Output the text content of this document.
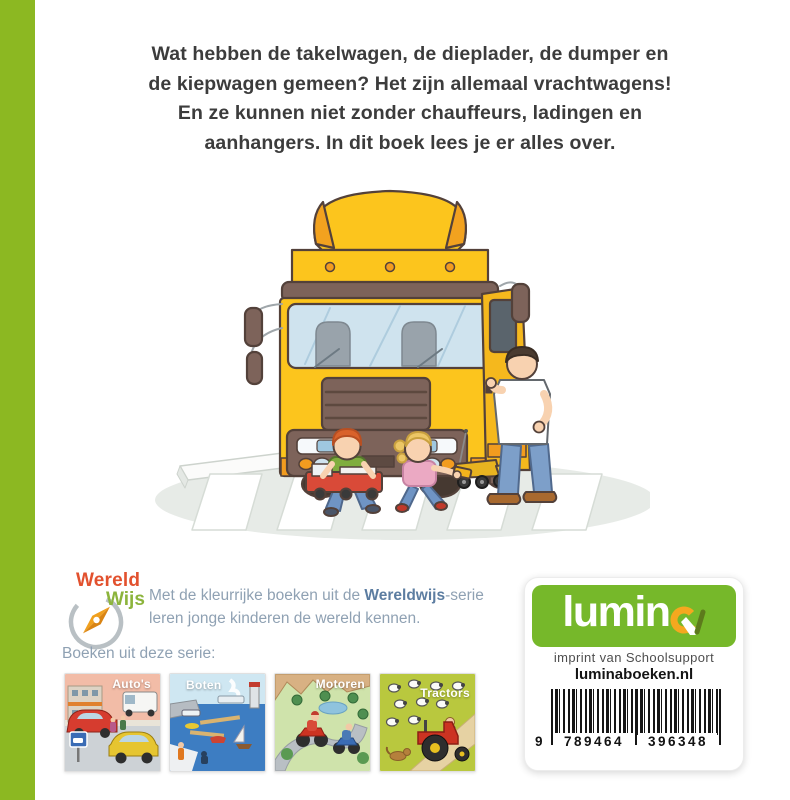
Wat hebben de takelwagen, de dieplader, de dumper en
de kiepwagen gemeen? Het zijn allemaal vrachtwagens!
En ze kunnen niet zonder chauffeurs, ladingen en
aanhangers. In dit boek lees je er alles over.
Wereld
Wijs Met de kleurrijke boeken uit de Wereldwijs-serie
leren jonge kinderen de wereld kennen.

Boeken uit deze serie:
Auto's	Boten	Motoren
Tractors
lumin
imprint van Schoolsupport
luminaboeken.nl
9	789464	396348
